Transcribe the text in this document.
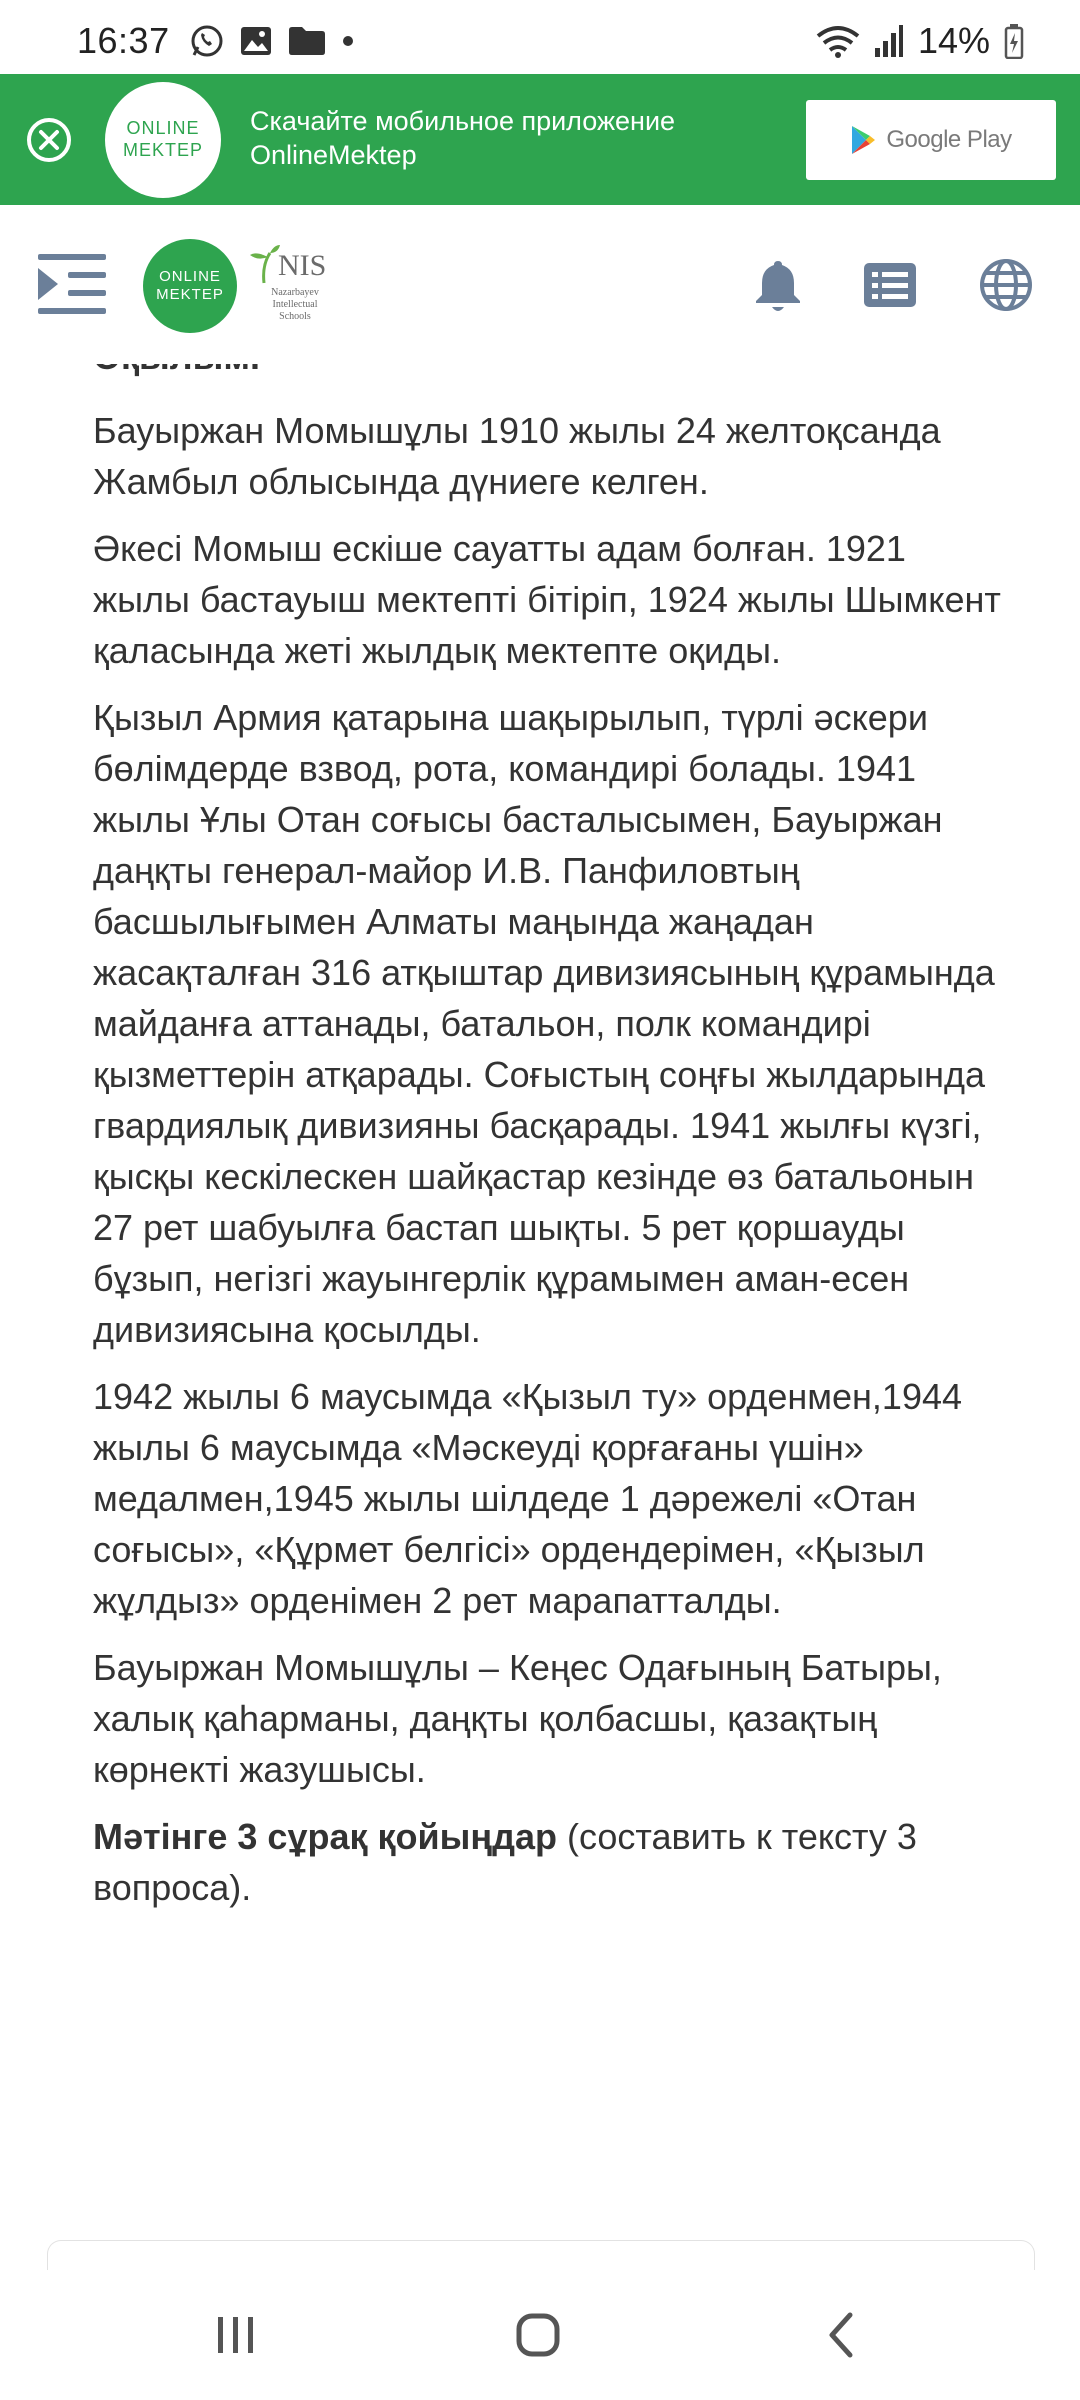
16:37	14%
ONLINE
MEKTEP
Скачайте мобильное приложение
OnlineMektep
Google Play
ONLINE
MEKTEP
NIS
Nazarbayev
Intellectual
Schools

Бауыржан Момышұлы 1910 жылы 24 желтоқсанда Жамбыл облысында дүниеге келген.

Әкесі Момыш ескіше сауатты адам болған. 1921 жылы бастауыш мектепті бітіріп, 1924 жылы Шымкент қаласында жеті жылдық мектепте оқиды.

Қызыл Армия қатарына шақырылып, түрлі әскери бөлімдерде взвод, рота, командирі болады. 1941 жылы Ұлы Отан соғысы басталысымен, Бауыржан даңқты генерал-майор И.В. Панфиловтың басшылығымен Алматы маңында жаңадан жасақталған 316 атқыштар дивизиясының құрамында майданға аттанады, батальон, полк командирі қызметтерін атқарады. Соғыстың соңғы жылдарында гвардиялық дивизияны басқарады. 1941 жылғы күзгі, қысқы кескілескен шайқастар кезінде өз батальонын 27 рет шабуылға бастап шықты. 5 рет қоршауды бұзып, негізгі жауынгерлік құрамымен аман-есен дивизиясына қосылды.

1942 жылы 6 маусымда «Қызыл ту» орденмен,1944 жылы 6 маусымда «Мәскеуді қорғағаны үшін» медалмен,1945 жылы шілдеде 1 дәрежелі «Отан соғысы», «Құрмет белгісі» ордендерімен, «Қызыл жұлдыз» орденімен 2 рет марапатталды.

Бауыржан Момышұлы – Кеңес Одағының Батыры, халық қаһарманы, даңқты қолбасшы, қазақтың көрнекті жазушысы.

Мәтінге 3 сұрақ қойыңдар (составить к тексту 3 вопроса).
